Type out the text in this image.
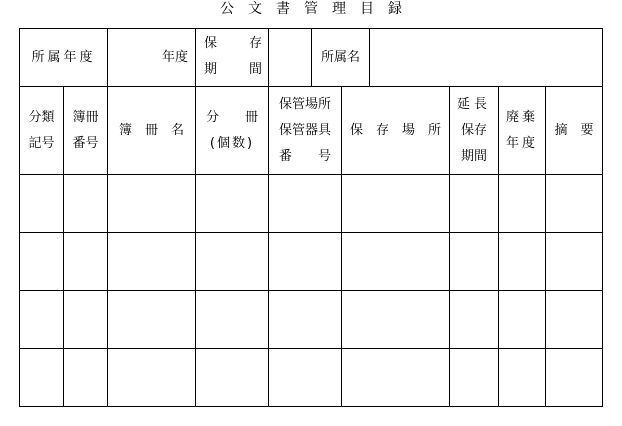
公　文　書　管　理　目　録
所属年度	年度
保 存
期 間
所属名
分類
記号
簿冊
番号
簿　冊　名
分　　冊
(個数)
保管場所
保管器具
番　　号
保　存　場　所
延長
保存
期間
廃棄
年度
摘　要
